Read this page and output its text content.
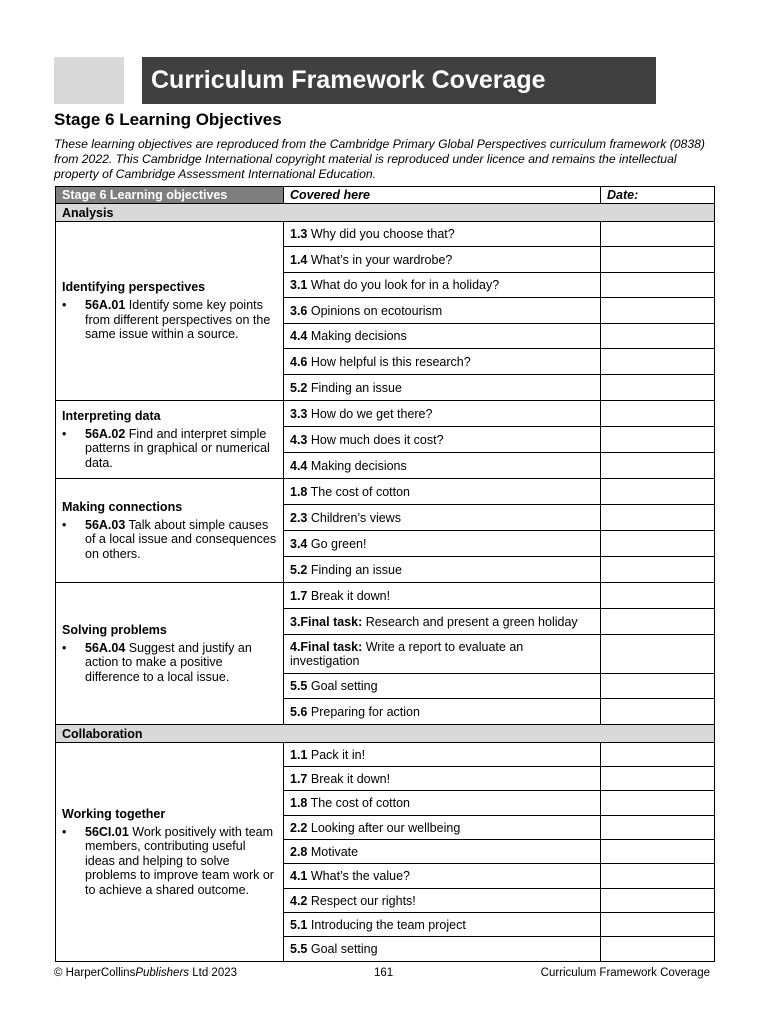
Curriculum Framework Coverage
Stage 6 Learning Objectives
These learning objectives are reproduced from the Cambridge Primary Global Perspectives curriculum framework (0838) from 2022. This Cambridge International copyright material is reproduced under licence and remains the intellectual property of Cambridge Assessment International Education.
Stage 6 Learning objectives	Covered here	Date:
Analysis		

Identifying perspectives
• 56A.01 Identify some key points from different perspectives on the same issue within a source.	1.3 Why did you choose that?	
	1.4 What’s in your wardrobe?	
	3.1 What do you look for in a holiday?	
	3.6 Opinions on ecotourism	
	4.4 Making decisions	
	4.6 How helpful is this research?	
	5.2 Finding an issue	

Interpreting data
• 56A.02 Find and interpret simple patterns in graphical or numerical data.	3.3 How do we get there?	
	4.3 How much does it cost?	
	4.4 Making decisions	

Making connections
• 56A.03 Talk about simple causes of a local issue and consequences on others.	1.8 The cost of cotton	
	2.3 Children’s views	
	3.4 Go green!	
	5.2 Finding an issue	

Solving problems
• 56A.04 Suggest and justify an action to make a positive difference to a local issue.	1.7 Break it down!	
	3.Final task: Research and present a green holiday	
	4.Final task: Write a report to evaluate an investigation	
	5.5 Goal setting	
	5.6 Preparing for action	
Collaboration		

Working together
• 56CI.01 Work positively with team members, contributing useful ideas and helping to solve problems to improve team work or to achieve a shared outcome.	1.1 Pack it in!	
	1.7 Break it down!	
	1.8 The cost of cotton	
	2.2 Looking after our wellbeing	
	2.8 Motivate	
	4.1 What’s the value?	
	4.2 Respect our rights!	
	5.1 Introducing the team project	
	5.5 Goal setting	
© HarperCollinsPublishers Ltd 2023	161	Curriculum Framework Coverage
